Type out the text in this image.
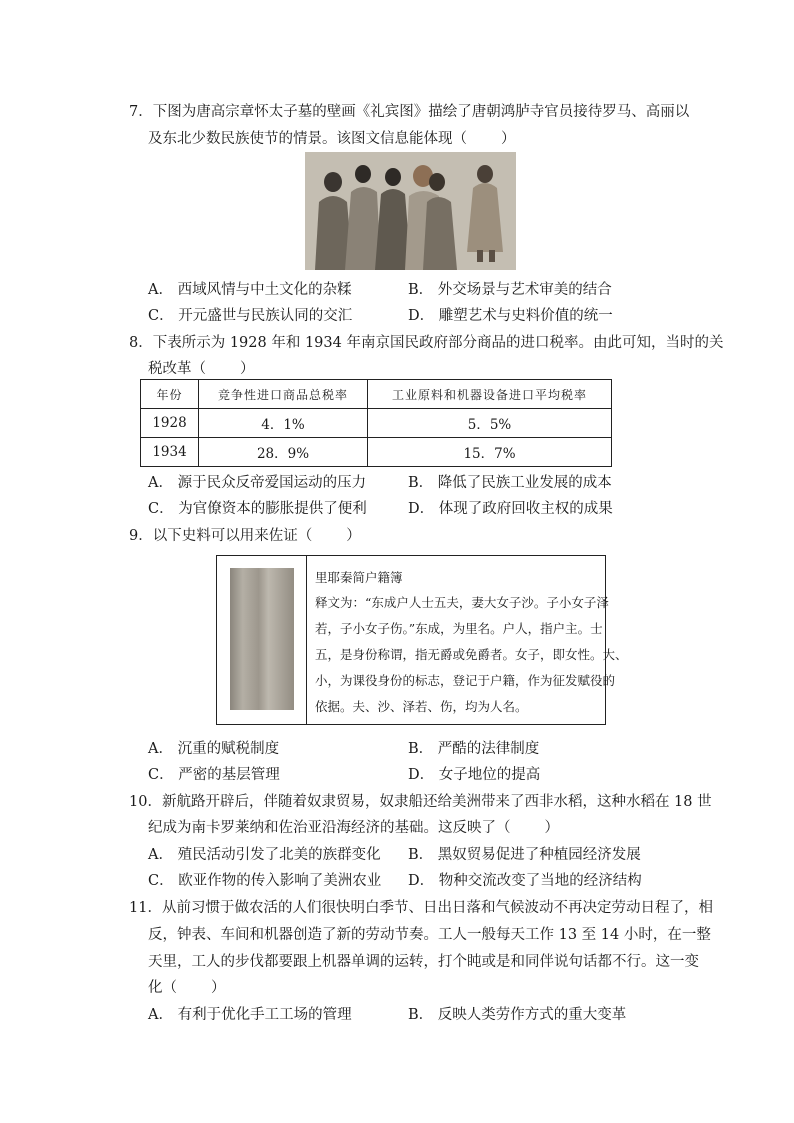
7．下图为唐高宗章怀太子墓的壁画《礼宾图》描绘了唐朝鸿胪寺官员接待罗马、高丽以
及东北少数民族使节的情景。该图文信息能体现（ ）
A． 西域风情与中土文化的杂糅	B． 外交场景与艺术审美的结合
C． 开元盛世与民族认同的交汇	D． 雕塑艺术与史料价值的统一
8．下表所示为 1928 年和 1934 年南京国民政府部分商品的进口税率。由此可知，当时的关
税改革（ ）
年份	竞争性进口商品总税率	工业原料和机器设备进口平均税率
1928	4．1%	5．5%
1934	28．9%	15．7%
A． 源于民众反帝爱国运动的压力	B． 降低了民族工业发展的成本
C． 为官僚资本的膨胀提供了便利	D． 体现了政府回收主权的成果
9．以下史料可以用来佐证（ ）
里耶秦简户籍簿
释文为：“东成户人士五夫，妻大女子沙。子小女子泽
若，子小女子伤。”东成，为里名。户人，指户主。士
五，是身份称谓，指无爵或免爵者。女子，即女性。大、
小，为课役身份的标志，登记于户籍，作为征发赋役的
依据。夫、沙、泽若、伤，均为人名。
A． 沉重的赋税制度	B． 严酷的法律制度
C． 严密的基层管理	D． 女子地位的提高
10．新航路开辟后，伴随着奴隶贸易，奴隶船还给美洲带来了西非水稻，这种水稻在 18 世
纪成为南卡罗莱纳和佐治亚沿海经济的基础。这反映了（ ）
A． 殖民活动引发了北美的族群变化 B． 黑奴贸易促进了种植园经济发展
C． 欧亚作物的传入影响了美洲农业 D． 物种交流改变了当地的经济结构
11．从前习惯于做农活的人们很快明白季节、日出日落和气候波动不再决定劳动日程了，相
反，钟表、车间和机器创造了新的劳动节奏。工人一般每天工作 13 至 14 小时，在一整
天里，工人的步伐都要跟上机器单调的运转，打个盹或是和同伴说句话都不行。这一变
化（ ）
A． 有利于优化手工工场的管理	B． 反映人类劳作方式的重大变革
